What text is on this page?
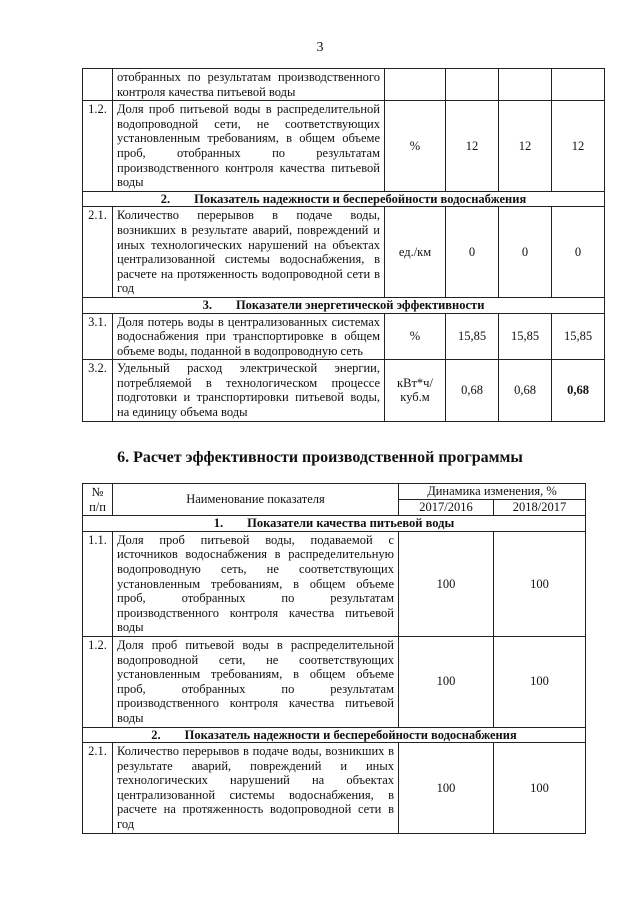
3
	отобранных по результатам производственного контроля качества питьевой воды				
1.2.	Доля проб питьевой воды в распределительной водопроводной сети, не соответствующих установленным требованиям, в общем объеме проб, отобранных по результатам производственного контроля качества питьевой воды	%	12	12	12
2. Показатель надежности и бесперебойности водоснабжения					
2.1.	Количество перерывов в подаче воды, возникших в результате аварий, повреждений и иных технологических нарушений на объектах централизованной системы водоснабжения, в расчете на протяженность водопроводной сети в год	ед./км	0	0	0
3. Показатели энергетической эффективности					
3.1.	Доля потерь воды в централизованных системах водоснабжения при транспортировке в общем объеме воды, поданной в водопроводную сеть	%	15,85	15,85	15,85
3.2.	Удельный расход электрической энергии, потребляемой в технологическом процессе подготовки и транспортировки питьевой воды, на единицу объема воды	кВт*ч/ куб.м	0,68	0,68	0,68
6. Расчет эффективности производственной программы
№ п/п	Наименование показателя	Динамика изменения, %	
		2017/2016	2018/2017
1. Показатели качества питьевой воды			
1.1.	Доля проб питьевой воды, подаваемой с источников водоснабжения в распределительную водопроводную сеть, не соответствующих установленным требованиям, в общем объеме проб, отобранных по результатам производственного контроля качества питьевой воды	100	100
1.2.	Доля проб питьевой воды в распределительной водопроводной сети, не соответствующих установленным требованиям, в общем объеме проб, отобранных по результатам производственного контроля качества питьевой воды	100	100
2. Показатель надежности и бесперебойности водоснабжения			
2.1.	Количество перерывов в подаче воды, возникших в результате аварий, повреждений и иных технологических нарушений на объектах централизованной системы водоснабжения, в расчете на протяженность водопроводной сети в год	100	100
